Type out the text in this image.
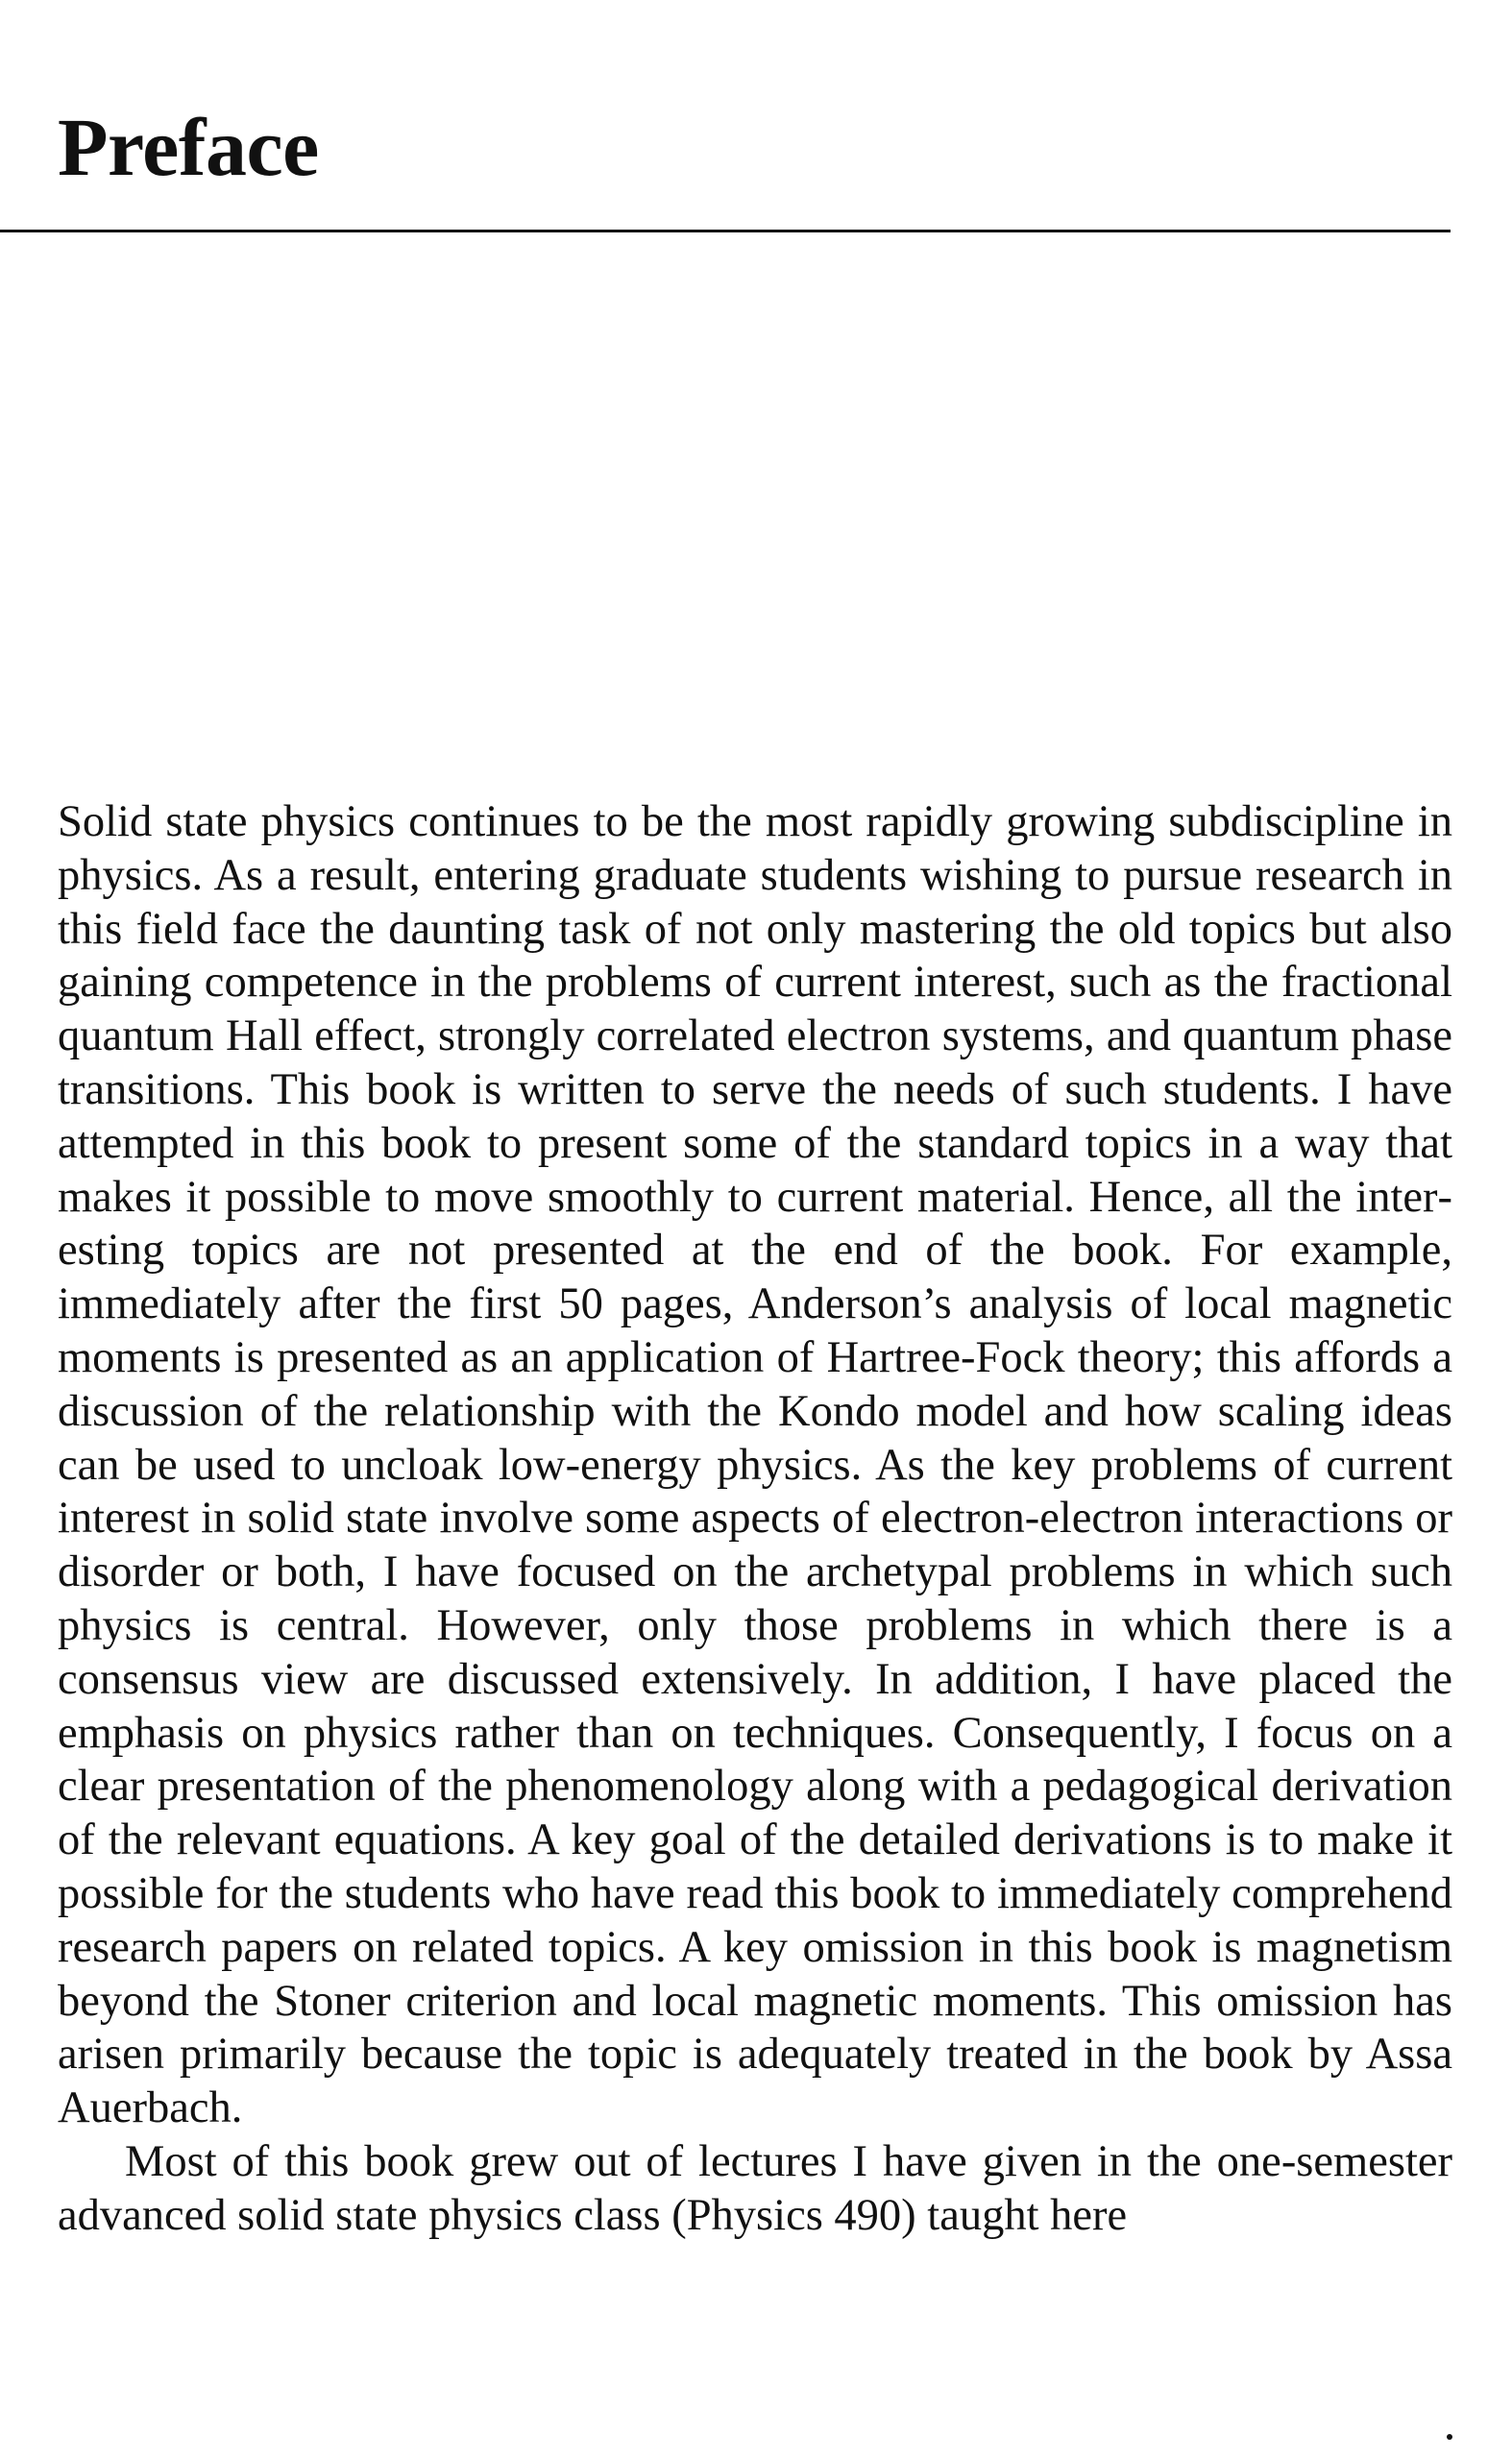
Preface

Solid state physics continues to be the most rapidly growing subdiscipline in physics. As a result, entering graduate students wishing to pursue research in this field face the daunting task of not only mastering the old topics but also gaining competence in the problems of current interest, such as the fractional quantum Hall effect, strongly correlated electron systems, and quantum phase transitions. This book is written to serve the needs of such students. I have attempted in this book to present some of the standard topics in a way that makes it possible to move smoothly to current material. Hence, all the interesting topics are not presented at the end of the book. For example, immediately after the first 50 pages, Anderson’s analysis of local magnetic moments is presented as an application of Hartree-Fock theory; this affords a discussion of the relationship with the Kondo model and how scaling ideas can be used to uncloak low-energy physics. As the key problems of current interest in solid state involve some aspects of electron-electron interactions or disorder or both, I have focused on the archetypal problems in which such physics is central. However, only those problems in which there is a consensus view are discussed extensively. In addition, I have placed the emphasis on physics rather than on techniques. Consequently, I focus on a clear presentation of the phenomenology along with a pedagogical derivation of the relevant equations. A key goal of the detailed derivations is to make it possible for the students who have read this book to immediately comprehend research papers on related topics. A key omission in this book is magnetism beyond the Stoner criterion and local magnetic moments. This omission has arisen primarily because the topic is adequately treated in the book by Assa Auerbach.

Most of this book grew out of lectures I have given in the one-semester advanced solid state physics class (Physics 490) taught here
